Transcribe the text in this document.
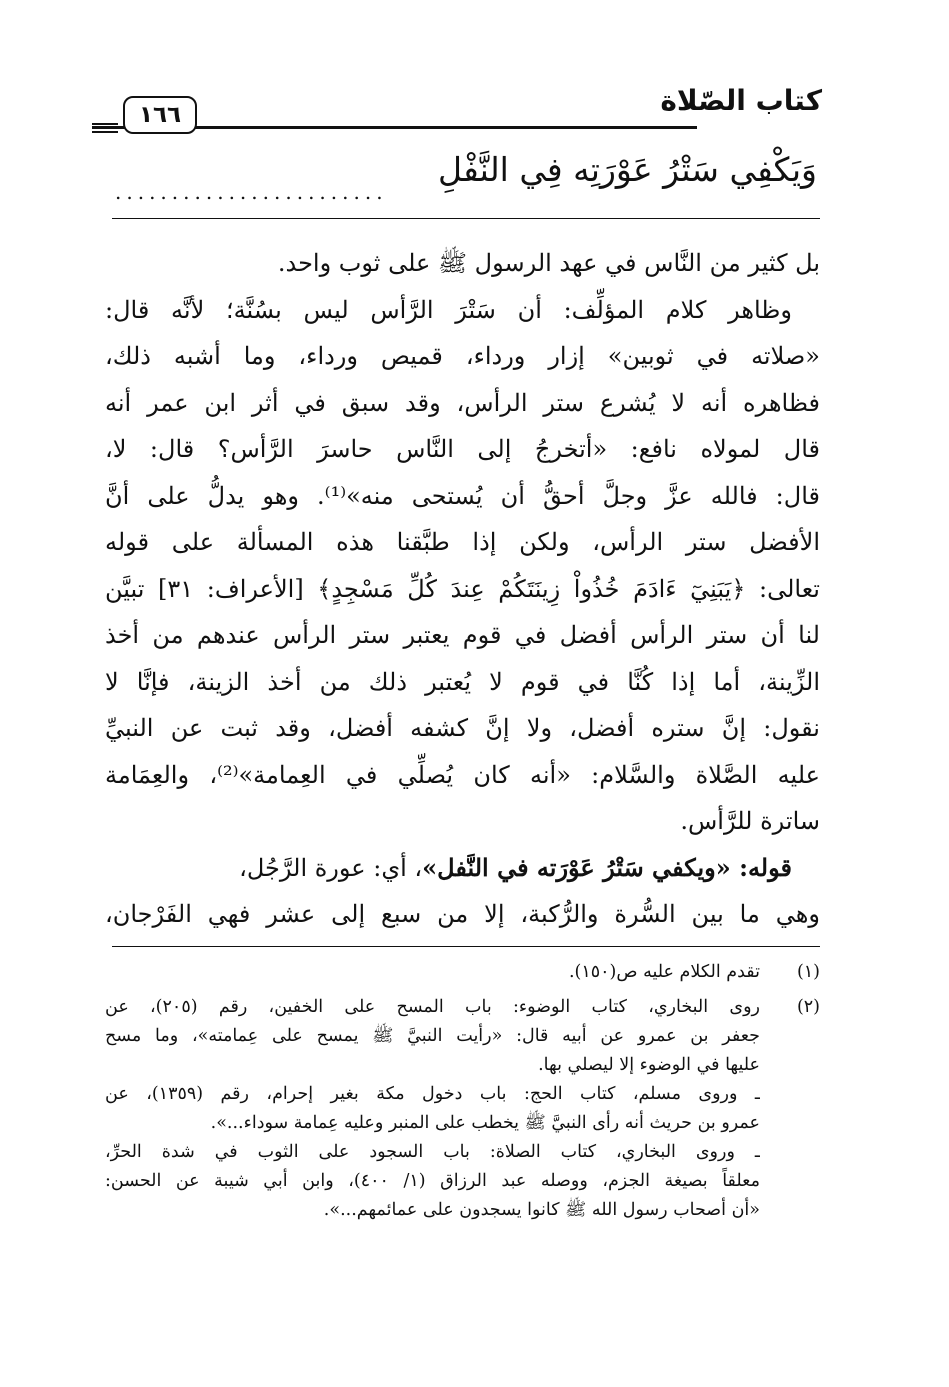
١٦٦	كتاب الصّلاة
وَيَكْفِي سَتْرُ عَوْرَتِه فِي النَّفْلِ
........................
بل كثير من النَّاس في عهد الرسول ﷺ على ثوب واحد.
وظاهر كلام المؤلِّف: أن سَتْرَ الرَّأس ليس بسُنَّة؛ لأنَّه قال:
«صلاته في ثوبين» إزار ورداء، قميص ورداء، وما أشبه ذلك،
فظاهره أنه لا يُشرع ستر الرأس، وقد سبق في أثر ابن عمر أنه
قال لمولاه نافع: «أتخرجُ إلى النَّاس حاسرَ الرَّأس؟ قال: لا،
قال: فالله عزَّ وجلَّ أحقُّ أن يُستحى منه»⁽¹⁾. وهو يدلُّ على أنَّ
الأفضل ستر الرأس، ولكن إذا طبَّقنا هذه المسألة على قوله
تعالى: ﴿يَبَنِيٓ ءَادَمَ خُذُواْ زِينَتَكُمْ عِندَ كُلِّ مَسْجِدٍ﴾ [الأعراف: ٣١] تبيَّن
لنا أن ستر الرأس أفضل في قوم يعتبر ستر الرأس عندهم من أخذ
الزِّينة، أما إذا كُنَّا في قوم لا يُعتبر ذلك من أخذ الزينة، فإنَّا لا
نقول: إنَّ ستره أفضل، ولا إنَّ كشفه أفضل، وقد ثبت عن النبيِّ
عليه الصَّلاة والسَّلام: «أنه كان يُصلِّي في العِمامة»⁽²⁾، والعِمَامة
ساترة للرَّأس.
قوله: «ويكفي سَتْرُ عَوْرَته في النَّفل»، أي: عورة الرَّجُل،
وهي ما بين السُّرة والرُّكبة، إلا من سبع إلى عشر فهي الفَرْجان،
(١)
تقدم الكلام عليه ص(١٥٠).
(٢)
روى البخاري، كتاب الوضوء: باب المسح على الخفين، رقم (٢٠٥)، عن
جعفر بن عمرو عن أبيه قال: «رأيت النبيَّ ﷺ يمسح على عِمامته»، وما مسح
عليها في الوضوء إلا ليصلي بها.
ـ وروى مسلم، كتاب الحج: باب دخول مكة بغير إحرام، رقم (١٣٥٩)، عن
عمرو بن حريث أنه رأى النبيَّ ﷺ يخطب على المنبر وعليه عِمامة سوداء...».
ـ وروى البخاري، كتاب الصلاة: باب السجود على الثوب في شدة الحرِّ،
معلقاً بصيغة الجزم، ووصله عبد الرزاق (١/ ٤٠٠)، وابن أبي شيبة عن الحسن:
«أن أصحاب رسول الله ﷺ كانوا يسجدون على عمائمهم...».
